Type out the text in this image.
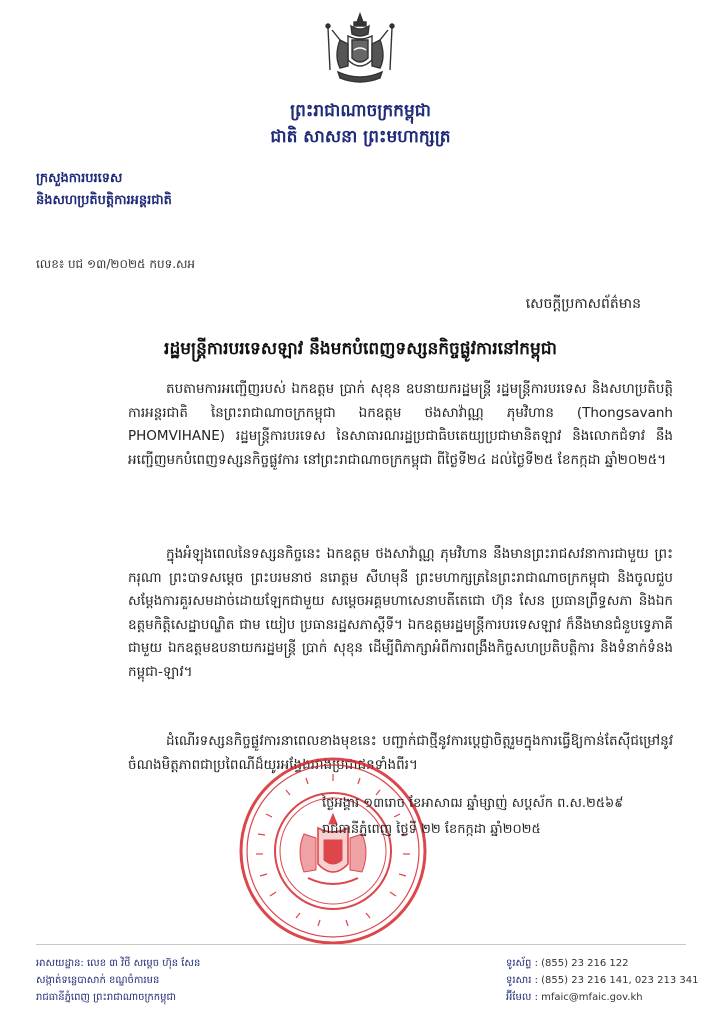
ព្រះរាជាណាចក្រកម្ពុជា
ជាតិ សាសនា ព្រះមហាក្សត្រ
ក្រសួងការបរទេស
និងសហប្រតិបត្តិការអន្តរជាតិ
លេខ៖ បជ ១៣/២០២៥ កបទ.សអ
សេចក្តីប្រកាសព័ត៌មាន
រដ្ឋមន្ត្រីការបរទេសឡាវ នឹងមកបំពេញទស្សនកិច្ចផ្លូវការនៅកម្ពុជា

តបតាមការអញ្ជើញរបស់ ឯកឧត្តម ប្រាក់ សុខុន ឧបនាយករដ្ឋមន្ត្រី រដ្ឋមន្ត្រីការបរទេស និងសហប្រតិបត្តិការអន្តរជាតិ នៃព្រះរាជាណាចក្រកម្ពុជា ឯកឧត្តម ថងសាវ៉ាណ្ណ ភុមវិហាន (Thongsavanh PHOMVIHANE) រដ្ឋមន្ត្រីការបរទេស នៃសាធារណរដ្ឋប្រជាធិបតេយ្យប្រជាមានិតឡាវ និងលោកជំទាវ នឹងអញ្ជើញមកបំពេញទស្សនកិច្ចផ្លូវការ នៅព្រះរាជាណាចក្រកម្ពុជា ពីថ្ងៃទី២៤ ដល់ថ្ងៃទី២៥ ខែកក្កដា ឆ្នាំ២០២៥។

ក្នុងអំឡុងពេលនៃទស្សនកិច្ចនេះ ឯកឧត្តម ថងសាវ៉ាណ្ណ ភុមវិហាន នឹងមានព្រះរាជសវនាការជាមួយ ព្រះករុណា ព្រះបាទសម្តេច ព្រះបរមនាថ នរោត្តម សីហមុនី ព្រះមហាក្សត្រនៃព្រះរាជាណាចក្រកម្ពុជា និងចូលជួបសម្តែងការគួរសមដាច់ដោយឡែកជាមួយ សម្តេចអគ្គមហាសេនាបតីតេជោ ហ៊ុន សែន ប្រធានព្រឹទ្ធសភា និងឯកឧត្តមកិត្តិសេដ្ឋាបណ្ឌិត ជាម យៀប ប្រធានរដ្ឋសភាស្តីទី។ ឯកឧត្តមរដ្ឋមន្ត្រីការបរទេសឡាវ ក៏នឹងមានជំនួបទ្វេភាគីជាមួយ ឯកឧត្តមឧបនាយករដ្ឋមន្ត្រី ប្រាក់ សុខុន ដើម្បីពិភាក្សាអំពីការពង្រឹងកិច្ចសហប្រតិបត្តិការ និងទំនាក់ទំនងកម្ពុជា-ឡាវ។

ដំណើរទស្សនកិច្ចផ្លូវការនាពេលខាងមុខនេះ បញ្ជាក់ជាថ្មីនូវការប្តេជ្ញាចិត្តរួមក្នុងការធ្វើឱ្យកាន់តែស៊ីជម្រៅនូវចំណងមិត្តភាពជាប្រពៃណីដ៏យូរអង្វែងរវាងប្រជាជនទាំងពីរ។

ថ្ងៃអង្គារ ១៣រោច ខែអាសាឍ ឆ្នាំម្សាញ់ សប្តស័ក ព.ស.២៥៦៩
រាជធានីភ្នំពេញ ថ្ងៃទី ២២ ខែកក្កដា ឆ្នាំ២០២៥
អាសយដ្ឋាន: លេខ ៣ វិថី សម្តេច ហ៊ុន សែន
សង្កាត់ទន្លេបាសាក់ ខណ្ឌចំការមន
រាជធានីភ្នំពេញ ព្រះរាជាណាចក្រកម្ពុជា
ទូរស័ព្ទ : (855) 23 216 122
ទូរសារ : (855) 23 216 141, 023 213 341
អ៊ីមែល : mfaic@mfaic.gov.kh
